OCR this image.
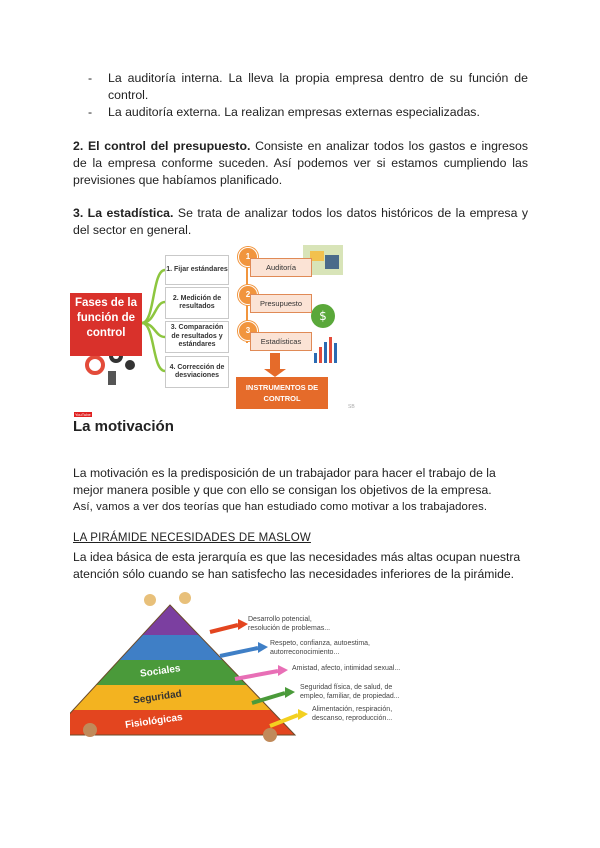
- La auditoría interna. La lleva la propia empresa dentro de su función de control.
- La auditoría externa. La realizan empresas externas especializadas.
2. El control del presupuesto. Consiste en analizar todos los gastos e ingresos de la empresa conforme suceden. Así podemos ver si estamos cumpliendo las previsiones que habíamos planificado.
3. La estadística. Se trata de analizar todos los datos históricos de la empresa y del sector en general.
$
Fases de la función de control
1. Fijar estándares
2. Medición de resultados
3. Comparación de resultados y estándares
4. Corrección de desviaciones
1
Auditoría
2
Presupuesto
3
Estadísticas
INSTRUMENTOS DE CONTROL
YouTube
SB
La motivación
La motivación es la predisposición de un trabajador para hacer el trabajo de la mejor manera posible y que con ello se consigan los objetivos de la empresa.
Así, vamos a ver dos teorías que han estudiado como motivar a los trabajadores.
LA PIRÁMIDE NECESIDADES DE MASLOW
La idea básica de esta jerarquía es que las necesidades más altas ocupan nuestra atención sólo cuando se han satisfecho las necesidades inferiores de la pirámide.
Sociales
Seguridad
Fisiológicas
Desarrollo potencial, resolución de problemas...
Respeto, confianza, autoestima, autorreconocimiento...
Amistad, afecto, intimidad sexual...
Seguridad física, de salud, de empleo, familiar, de propiedad...
Alimentación, respiración, descanso, reproducción...
